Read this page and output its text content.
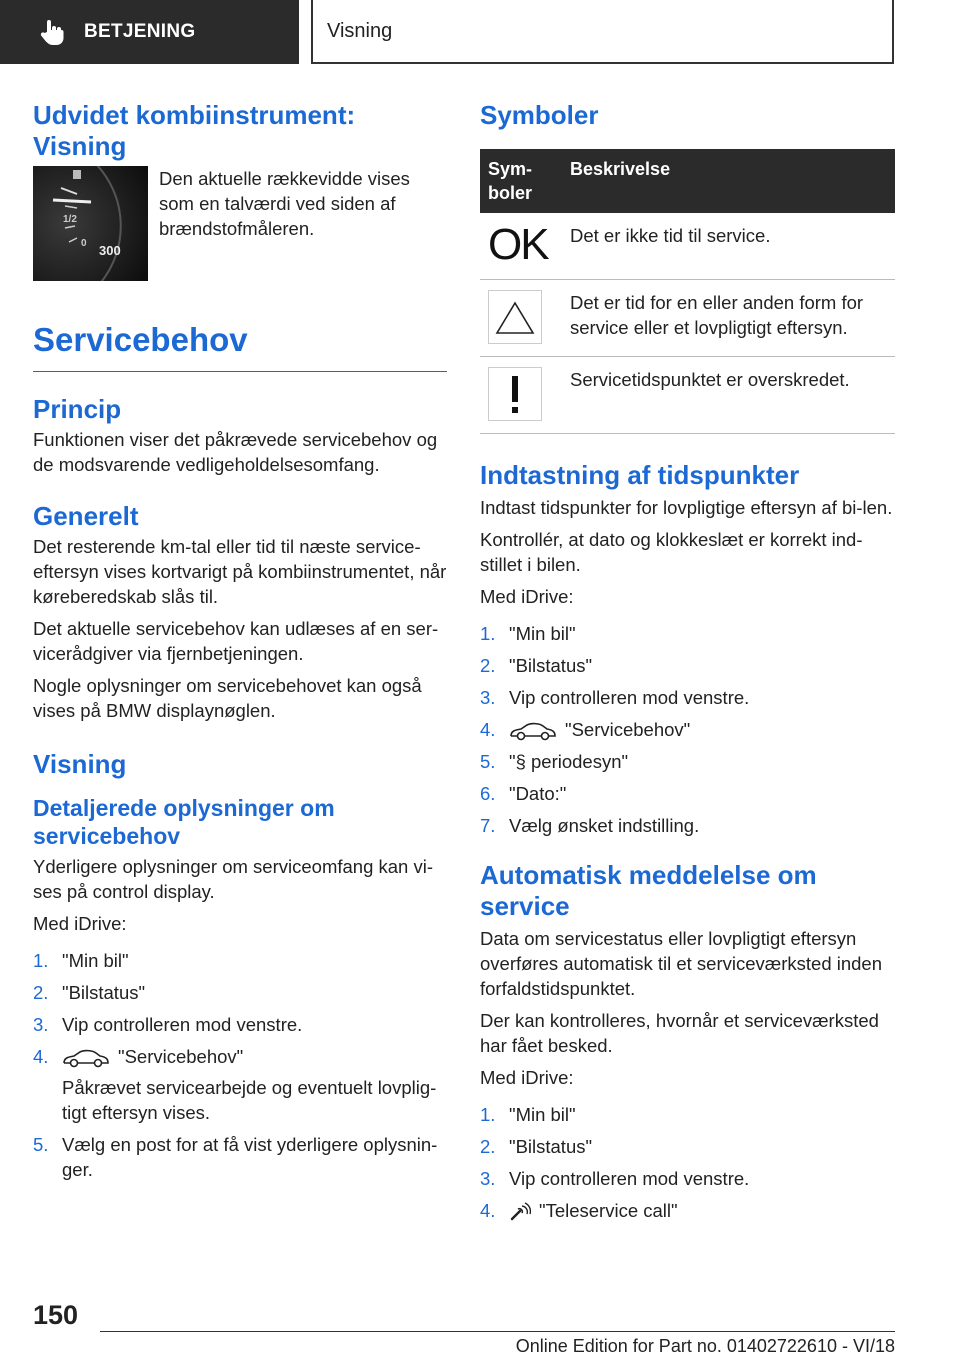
BETJENING	Visning
Udvidet kombiinstrument: Visning
1/2
0 300

Den aktuelle rækkevidde vises som en talværdi ved siden af brændstofmåleren.

Servicebehov
Princip

Funktionen viser det påkrævede servicebehov og de modsvarende vedligeholdelsesomfang.

Generelt

Det resterende km-tal eller tid til næste service-eftersyn vises kortvarigt på kombiinstrumentet, når køreberedskab slås til.

Det aktuelle servicebehov kan udlæses af en ser-vicerådgiver via fjernbetjeningen.

Nogle oplysninger om servicebehovet kan også vises på BMW displaynøglen.

Visning
Detaljerede oplysninger om servicebehov

Yderligere oplysninger om serviceomfang kan vi-ses på control display.

Med iDrive:

1. "Min bil"
2. "Bilstatus"
3. Vip controlleren mod venstre.
4.	"Servicebehov"
Påkrævet servicearbejde og eventuelt lovplig-tigt eftersyn vises.
5. Vælg en post for at få vist yderligere oplysnin-ger.
Symboler
Sym-boler	Beskrivelse

OK	Det er ikke tid til service.

	Det er tid for en eller anden form for service eller et lovpligtigt eftersyn.

	Servicetidspunktet er overskredet.
Indtastning af tidspunkter

Indtast tidspunkter for lovpligtige eftersyn af bi-len.

Kontrollér, at dato og klokkeslæt er korrekt ind-stillet i bilen.

Med iDrive:

1. "Min bil"
2. "Bilstatus"
3. Vip controlleren mod venstre.
4.	"Servicebehov"
5. "§ periodesyn"
6. "Dato:"
7. Vælg ønsket indstilling.
Automatisk meddelelse om service

Data om servicestatus eller lovpligtigt eftersyn overføres automatisk til et serviceværksted inden forfaldstidspunktet.

Der kan kontrolleres, hvornår et serviceværksted har fået besked.

Med iDrive:

1. "Min bil"
2. "Bilstatus"
3. Vip controlleren mod venstre.
4.	"Teleservice call"
150
Online Edition for Part no. 01402722610 - VI/18
